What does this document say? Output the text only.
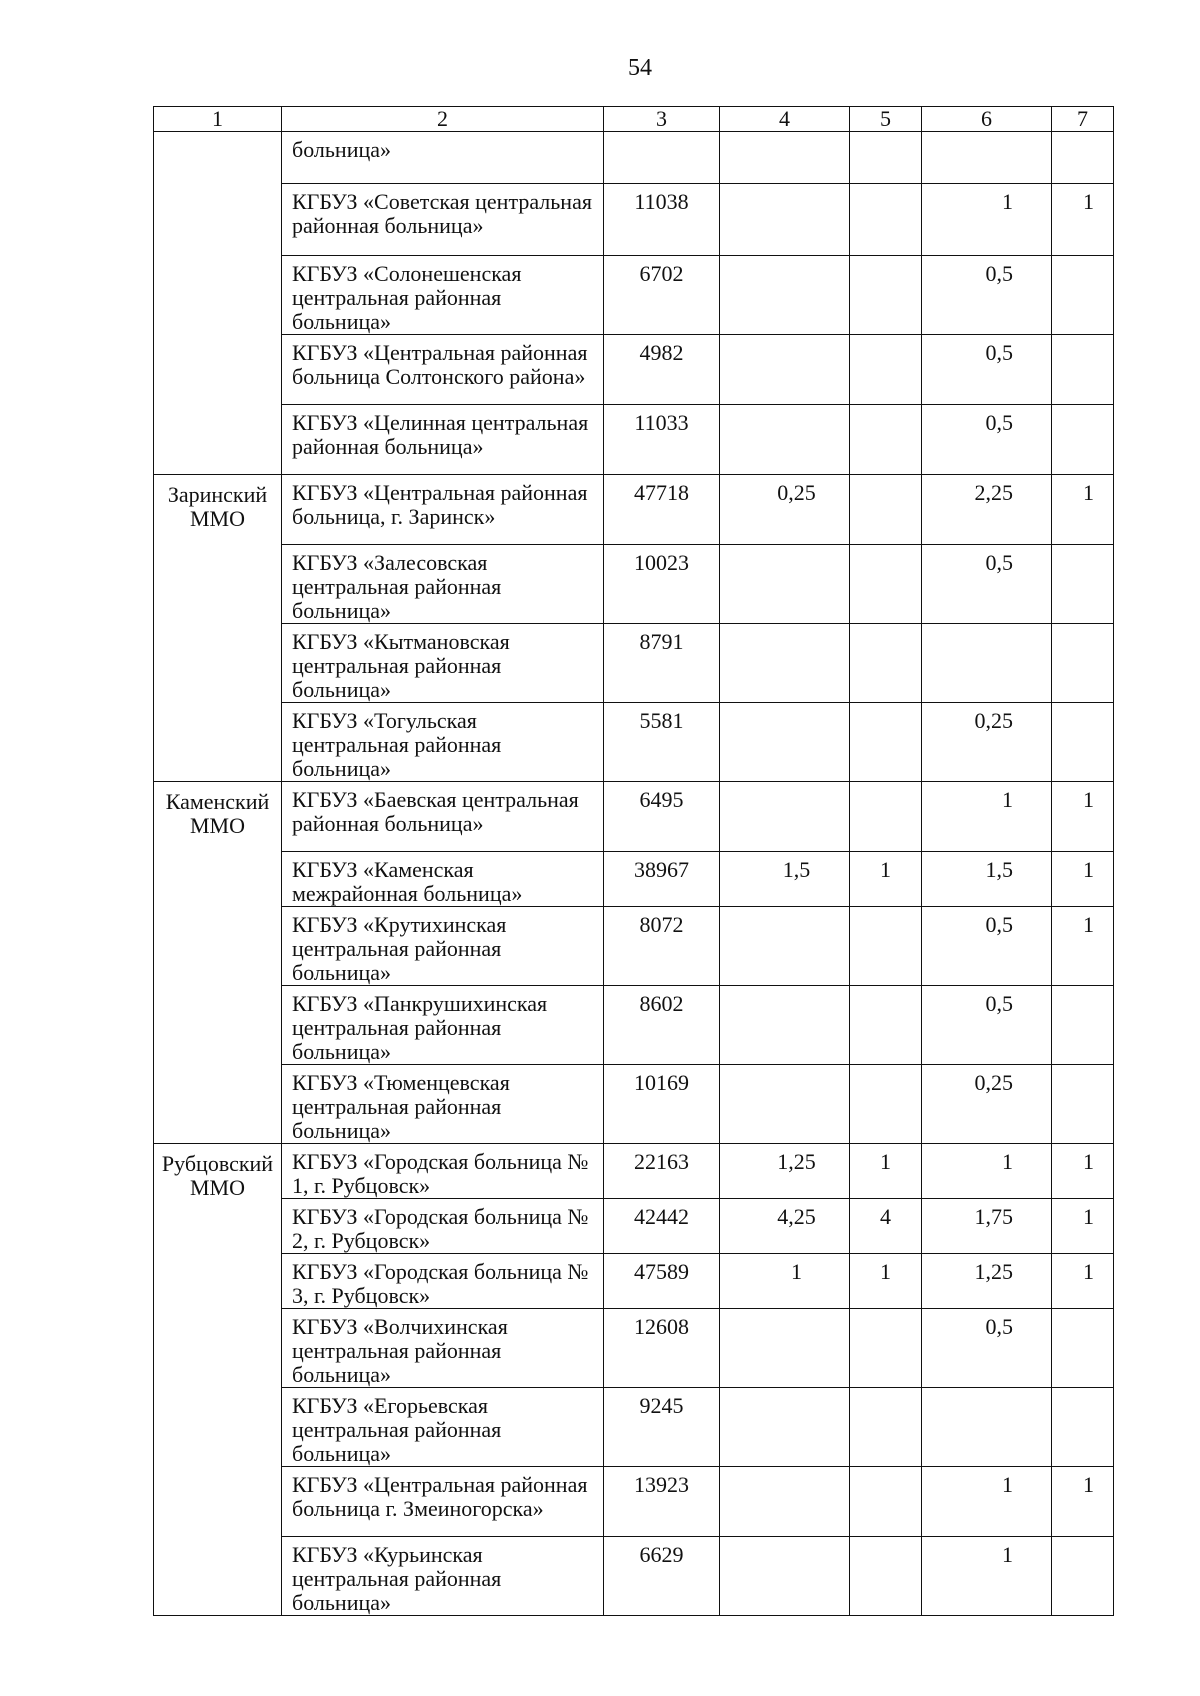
54
1	2	3	4	5	6	7

	больница»					
	КГБУЗ «Советская центральная районная больница»	11038			1	1
	КГБУЗ «Солонешенская центральная районная больница»	6702			0,5	
	КГБУЗ «Центральная районная больница Солтонского района»	4982			0,5	
	КГБУЗ «Целинная центральная районная больница»	11033			0,5	

Заринский ММО	КГБУЗ «Центральная районная больница, г. Заринск»	47718	0,25		2,25	1
	КГБУЗ «Залесовская центральная районная больница»	10023			0,5	
	КГБУЗ «Кытмановская центральная районная больница»	8791				
	КГБУЗ «Тогульская центральная районная больница»	5581			0,25	

Каменский ММО	КГБУЗ «Баевская центральная районная больница»	6495			1	1
	КГБУЗ «Каменская межрайонная больница»	38967	1,5	1	1,5	1
	КГБУЗ «Крутихинская центральная районная больница»	8072			0,5	1
	КГБУЗ «Панкрушихинская центральная районная больница»	8602			0,5	
	КГБУЗ «Тюменцевская центральная районная больница»	10169			0,25	

Рубцовский ММО	КГБУЗ «Городская больница № 1, г. Рубцовск»	22163	1,25	1	1	1
	КГБУЗ «Городская больница № 2, г. Рубцовск»	42442	4,25	4	1,75	1
	КГБУЗ «Городская больница № 3, г. Рубцовск»	47589	1	1	1,25	1
	КГБУЗ «Волчихинская центральная районная больница»	12608			0,5	
	КГБУЗ «Егорьевская центральная районная больница»	9245				
	КГБУЗ «Центральная районная больница г. Змеиногорска»	13923			1	1
	КГБУЗ «Курьинская центральная районная больница»	6629			1	
